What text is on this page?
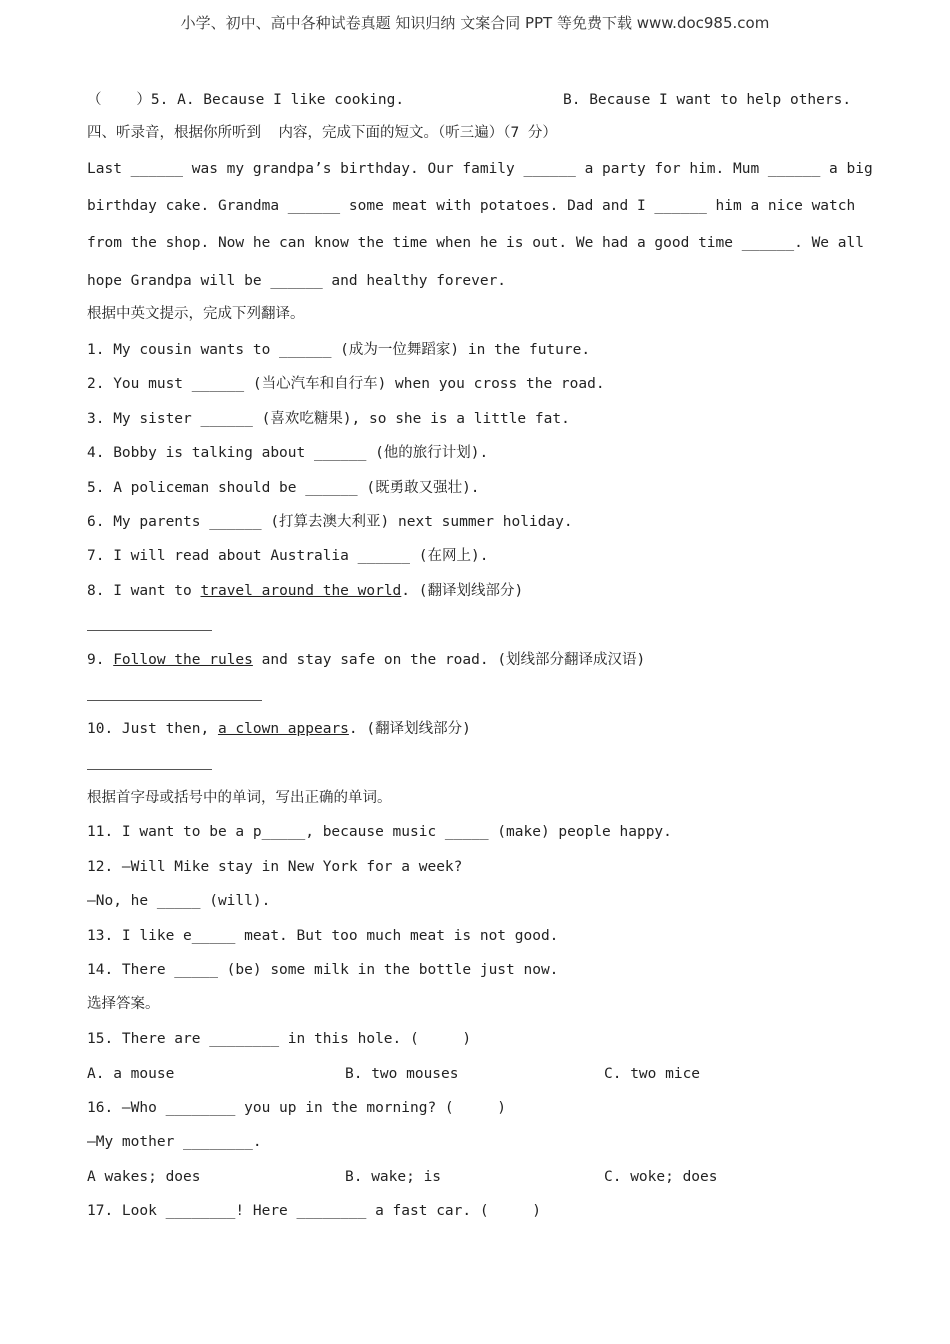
小学、初中、高中各种试卷真题 知识归纳 文案合同 PPT 等免费下载 www.doc985.com
（    ）5. A. Because I like cooking.	B. Because I want to help others.
四、听录音，根据你所听到  内容，完成下面的短文。（听三遍）（7 分）
Last ______ was my grandpa’s birthday. Our family ______ a party for him. Mum ______ a big
birthday cake. Grandma ______ some meat with potatoes. Dad and I ______ him a nice watch
from the shop. Now he can know the time when he is out. We had a good time ______. We all
hope Grandpa will be ______ and healthy forever.
根据中英文提示，完成下列翻译。
1. My cousin wants to ______ (成为一位舞蹈家) in the future.
2. You must ______ (当心汽车和自行车) when you cross the road.
3. My sister ______ (喜欢吃糖果), so she is a little fat.
4. Bobby is talking about ______ (他的旅行计划).
5. A policeman should be ______ (既勇敢又强壮).
6. My parents ______ (打算去澳大利亚) next summer holiday.
7. I will read about Australia ______ (在网上).
8. I want to travel around the world. (翻译划线部分)
9. Follow the rules and stay safe on the road. (划线部分翻译成汉语)
10. Just then, a clown appears. (翻译划线部分)
根据首字母或括号中的单词，写出正确的单词。
11. I want to be a p_____, because music _____ (make) people happy.
12. —Will Mike stay in New York for a week?
—No, he _____ (will).
13. I like e_____ meat. But too much meat is not good.
14. There _____ (be) some milk in the bottle just now.
选择答案。
15. There are ________ in this hole. (     )
A. a mouse	B. two mouses	C. two mice
16. —Who ________ you up in the morning? (     )
—My mother ________.
A wakes; does	B. wake; is	C. woke; does
17. Look ________! Here ________ a fast car. (     )
